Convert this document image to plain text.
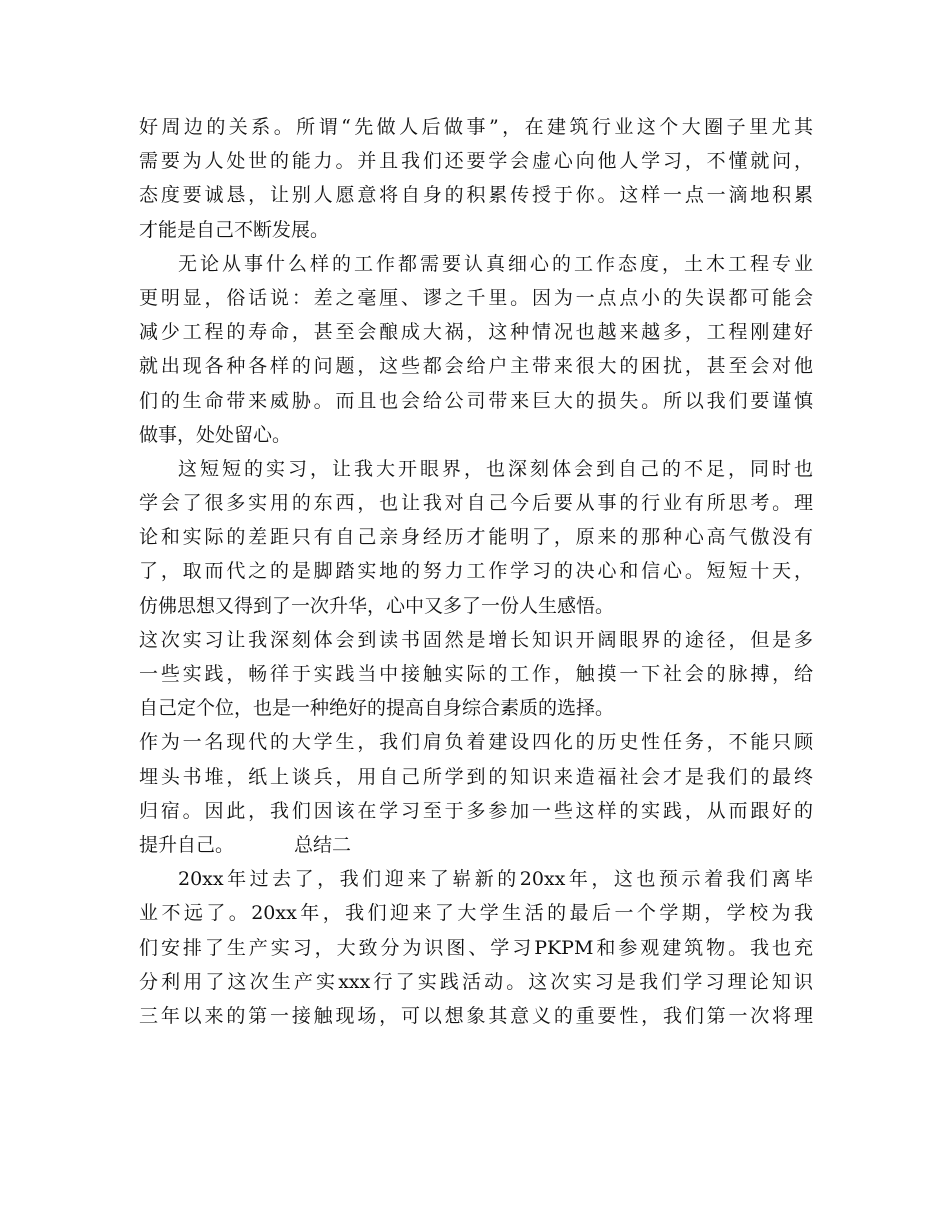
好周边的关系。所谓“先做人后做事”，在建筑行业这个大圈子里尤其
需要为人处世的能力。并且我们还要学会虚心向他人学习，不懂就问，
态度要诚恳，让别人愿意将自身的积累传授于你。这样一点一滴地积累
才能是自己不断发展。
无论从事什么样的工作都需要认真细心的工作态度，土木工程专业
更明显，俗话说：差之毫厘、谬之千里。因为一点点小的失误都可能会
减少工程的寿命，甚至会酿成大祸，这种情况也越来越多，工程刚建好
就出现各种各样的问题，这些都会给户主带来很大的困扰，甚至会对他
们的生命带来威胁。而且也会给公司带来巨大的损失。所以我们要谨慎
做事，处处留心。
这短短的实习，让我大开眼界，也深刻体会到自己的不足，同时也
学会了很多实用的东西，也让我对自己今后要从事的行业有所思考。理
论和实际的差距只有自己亲身经历才能明了，原来的那种心高气傲没有
了，取而代之的是脚踏实地的努力工作学习的决心和信心。短短十天，
仿佛思想又得到了一次升华，心中又多了一份人生感悟。
这次实习让我深刻体会到读书固然是增长知识开阔眼界的途径，但是多
一些实践，畅徉于实践当中接触实际的工作，触摸一下社会的脉搏，给
自己定个位，也是一种绝好的提高自身综合素质的选择。
作为一名现代的大学生，我们肩负着建设四化的历史性任务，不能只顾
埋头书堆，纸上谈兵，用自己所学到的知识来造福社会才是我们的最终
归宿。因此，我们因该在学习至于多参加一些这样的实践，从而跟好的
提升自己。	总结二
20xx年过去了，我们迎来了崭新的20xx年，这也预示着我们离毕
业不远了。20xx年，我们迎来了大学生活的最后一个学期，学校为我
们安排了生产实习，大致分为识图、学习PKPM和参观建筑物。我也充
分利用了这次生产实xxx行了实践活动。这次实习是我们学习理论知识
三年以来的第一接触现场，可以想象其意义的重要性，我们第一次将理
